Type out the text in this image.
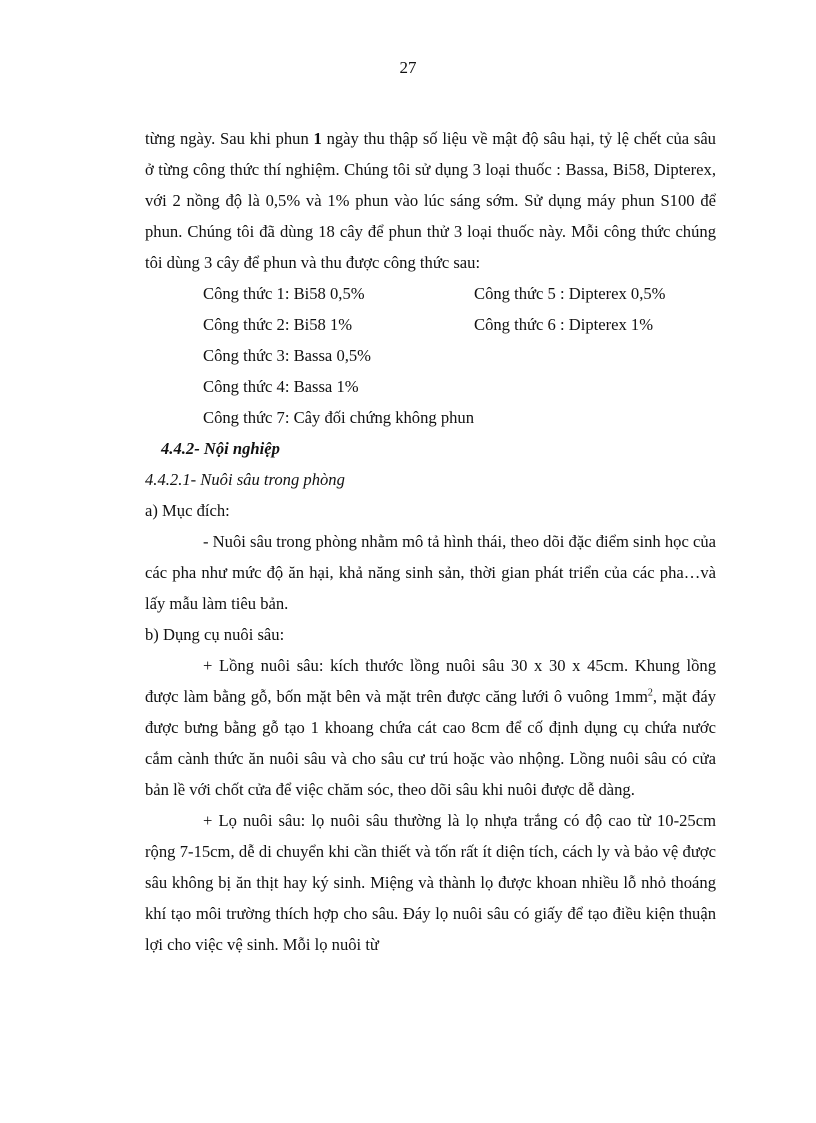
27

từng ngày. Sau khi phun 1 ngày thu thập số liệu về mật độ sâu hại, tỷ lệ chết của sâu ở từng công thức thí nghiệm. Chúng tôi sử dụng 3 loại thuốc : Bassa, Bi58, Dipterex, với 2 nồng độ là 0,5% và 1% phun vào lúc sáng sớm. Sử dụng máy phun S100 để phun. Chúng tôi đã dùng 18 cây để phun thử 3 loại thuốc này. Mỗi công thức chúng tôi dùng 3 cây để phun và thu được công thức sau:

Công thức 1: Bi58 0,5%	Công thức 5 : Dipterex 0,5%
Công thức 2: Bi58 1%	Công thức 6 : Dipterex 1%
Công thức 3: Bassa 0,5%
Công thức 4: Bassa 1%
Công thức 7: Cây đối chứng không phun

4.4.2- Nội nghiệp

4.4.2.1- Nuôi sâu trong phòng

a) Mục đích:

- Nuôi sâu trong phòng nhằm mô tả hình thái, theo dõi đặc điểm sinh học của các pha như mức độ ăn hại, khả năng sinh sản, thời gian phát triển của các pha…và lấy mẫu làm tiêu bản.

b) Dụng cụ nuôi sâu:

+ Lồng nuôi sâu: kích thước lồng nuôi sâu 30 x 30 x 45cm. Khung lồng được làm bằng gỗ, bốn mặt bên và mặt trên được căng lưới ô vuông $1mm^2$, mặt đáy được bưng bằng gỗ tạo 1 khoang chứa cát cao 8cm để cố định dụng cụ chứa nước cắm cành thức ăn nuôi sâu và cho sâu cư trú hoặc vào nhộng. Lồng nuôi sâu có cửa bản lề với chốt cửa để việc chăm sóc, theo dõi sâu khi nuôi được dễ dàng.

+ Lọ nuôi sâu: lọ nuôi sâu thường là lọ nhựa trắng có độ cao từ 10-25cm rộng 7-15cm, dễ di chuyển khi cần thiết và tốn rất ít diện tích, cách ly và bảo vệ được sâu không bị ăn thịt hay ký sinh. Miệng và thành lọ được khoan nhiều lỗ nhỏ thoáng khí tạo môi trường thích hợp cho sâu. Đáy lọ nuôi sâu có giấy để tạo điều kiện thuận lợi cho việc vệ sinh. Mỗi lọ nuôi từ
